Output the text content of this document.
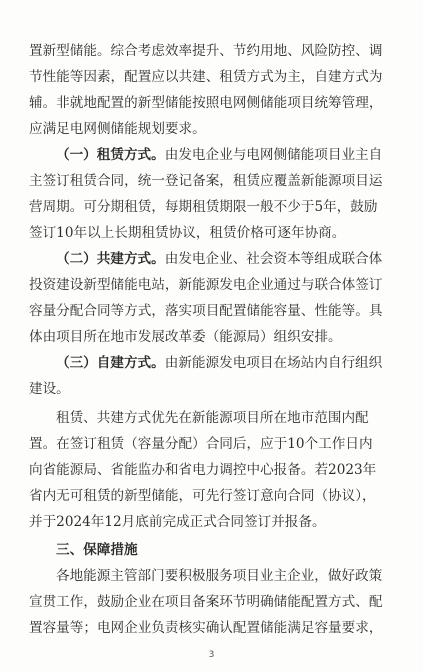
置新型储能。综合考虑效率提升、节约用地、风险防控、调
节性能等因素，配置应以共建、租赁方式为主，自建方式为
辅。非就地配置的新型储能按照电网侧储能项目统筹管理，
应满足电网侧储能规划要求。
（一）租赁方式。由发电企业与电网侧储能项目业主自
主签订租赁合同，统一登记备案，租赁应覆盖新能源项目运
营周期。可分期租赁，每期租赁期限一般不少于5年，鼓励
签订10年以上长期租赁协议，租赁价格可逐年协商。
（二）共建方式。由发电企业、社会资本等组成联合体
投资建设新型储能电站，新能源发电企业通过与联合体签订
容量分配合同等方式，落实项目配置储能容量、性能等。具
体由项目所在地市发展改革委（能源局）组织安排。
（三）自建方式。由新能源发电项目在场站内自行组织
建设。
租赁、共建方式优先在新能源项目所在地市范围内配
置。在签订租赁（容量分配）合同后，应于10个工作日内
向省能源局、省能监办和省电力调控中心报备。若2023年
省内无可租赁的新型储能，可先行签订意向合同（协议），
并于2024年12月底前完成正式合同签订并报备。
三、保障措施
各地能源主管部门要积极服务项目业主企业，做好政策
宣贯工作，鼓励企业在项目备案环节明确储能配置方式、配
置容量等；电网企业负责核实确认配置储能满足容量要求，
3
